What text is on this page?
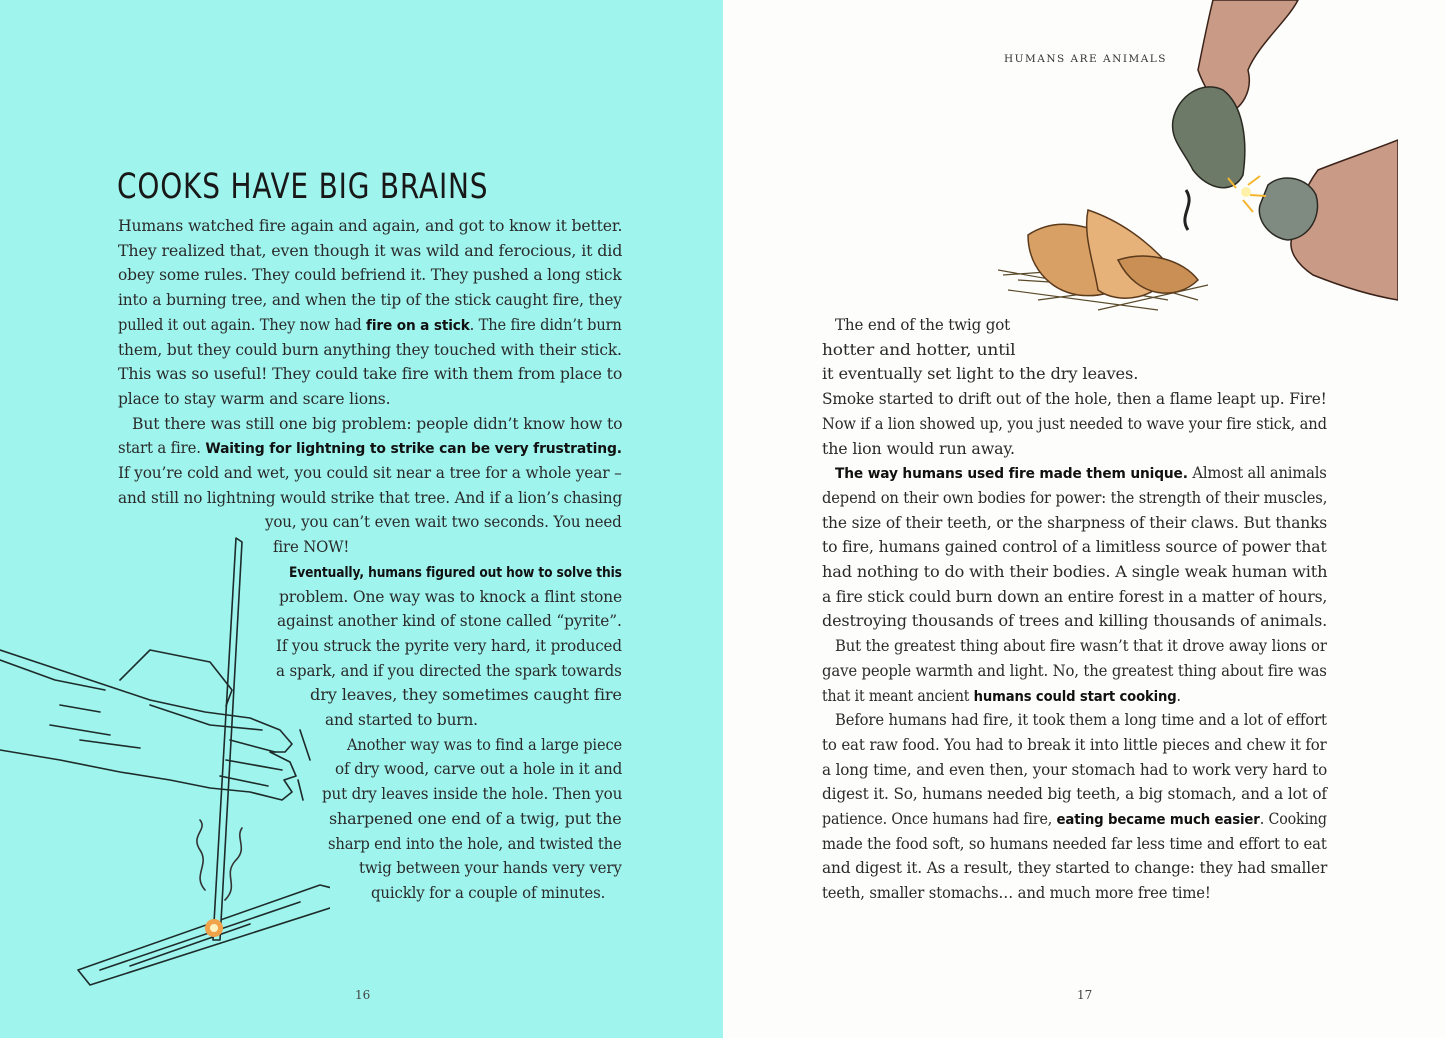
COOKS HAVE BIG BRAINS
Humans watched fire again and again, and got to know it better.
They realized that, even though it was wild and ferocious, it did
obey some rules. They could befriend it. They pushed a long stick
into a burning tree, and when the tip of the stick caught fire, they
pulled it out again. They now had fire on a stick. The fire didn’t burn
them, but they could burn anything they touched with their stick.
This was so useful! They could take fire with them from place to
place to stay warm and scare lions.
But there was still one big problem: people didn’t know how to
start a fire. Waiting for lightning to strike can be very frustrating.
If you’re cold and wet, you could sit near a tree for a whole year –
and still no lightning would strike that tree. And if a lion’s chasing
you, you can’t even wait two seconds. You need
fire NOW!
Eventually, humans figured out how to solve this
problem. One way was to knock a flint stone
against another kind of stone called “pyrite”.
If you struck the pyrite very hard, it produced
a spark, and if you directed the spark towards
dry leaves, they sometimes caught fire
and started to burn.
Another way was to find a large piece
of dry wood, carve out a hole in it and
put dry leaves inside the hole. Then you
sharpened one end of a twig, put the
sharp end into the hole, and twisted the
twig between your hands very very
quickly for a couple of minutes.
16
HUMANS ARE ANIMALS
The end of the twig got
hotter and hotter, until
it eventually set light to the dry leaves.
Smoke started to drift out of the hole, then a flame leapt up. Fire!
Now if a lion showed up, you just needed to wave your fire stick, and
the lion would run away.
The way humans used fire made them unique. Almost all animals
depend on their own bodies for power: the strength of their muscles,
the size of their teeth, or the sharpness of their claws. But thanks
to fire, humans gained control of a limitless source of power that
had nothing to do with their bodies. A single weak human with
a fire stick could burn down an entire forest in a matter of hours,
destroying thousands of trees and killing thousands of animals.
But the greatest thing about fire wasn’t that it drove away lions or
gave people warmth and light. No, the greatest thing about fire was
that it meant ancient humans could start cooking.
Before humans had fire, it took them a long time and a lot of effort
to eat raw food. You had to break it into little pieces and chew it for
a long time, and even then, your stomach had to work very hard to
digest it. So, humans needed big teeth, a big stomach, and a lot of
patience. Once humans had fire, eating became much easier. Cooking
made the food soft, so humans needed far less time and effort to eat
and digest it. As a result, they started to change: they had smaller
teeth, smaller stomachs… and much more free time!
17
